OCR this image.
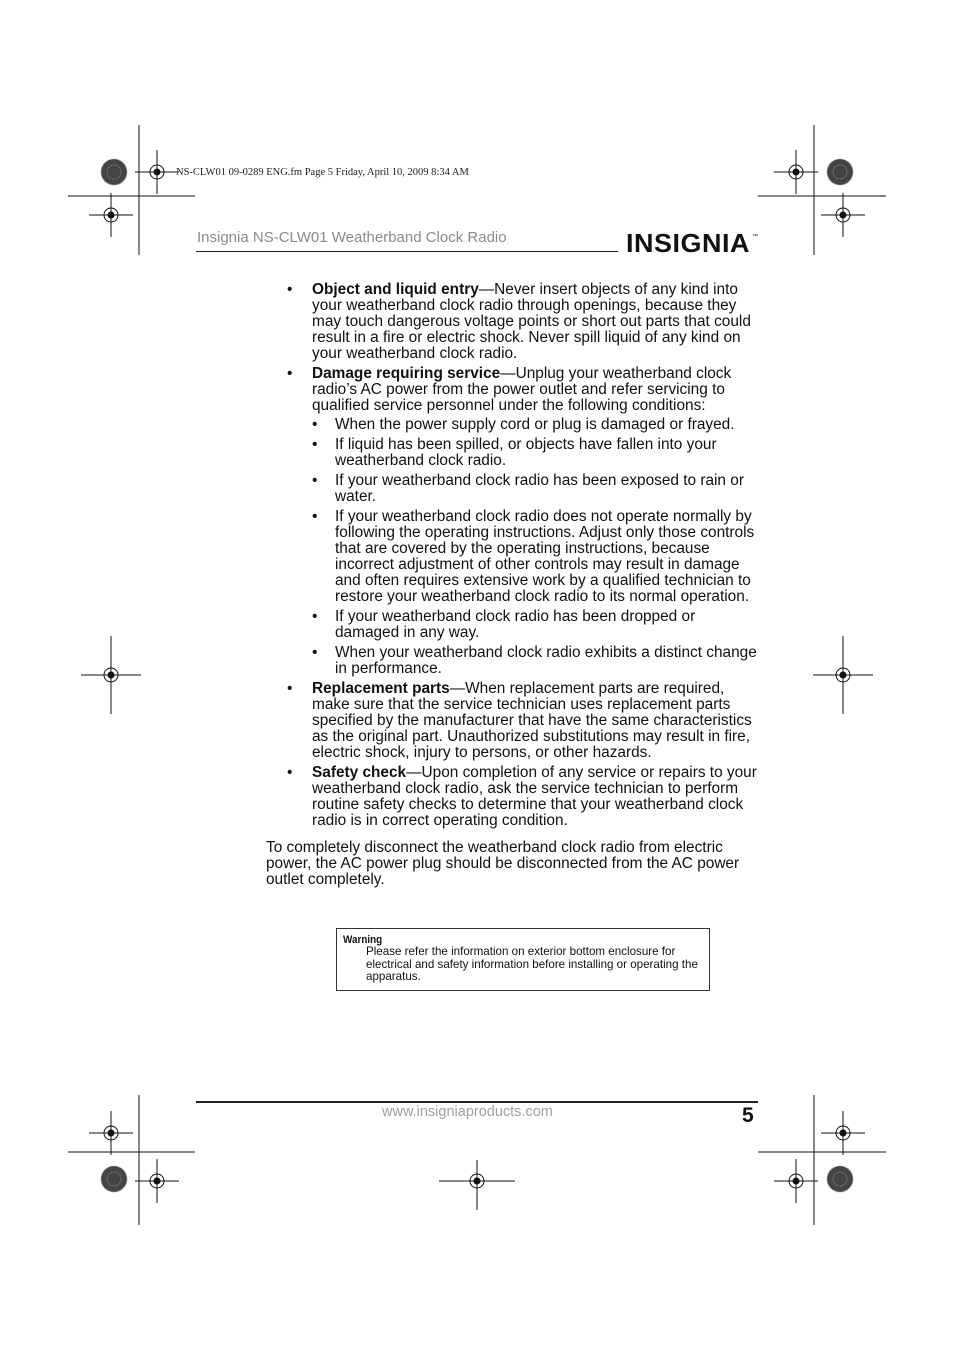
NS-CLW01 09-0289 ENG.fm Page 5 Friday, April 10, 2009 8:34 AM
Insignia NS-CLW01 Weatherband Clock Radio	INSIGNIA ™
• Object and liquid entry—Never insert objects of any kind into your weatherband clock radio through openings, because they may touch dangerous voltage points or short out parts that could result in a fire or electric shock. Never spill liquid of any kind on your weatherband clock radio.
• Damage requiring service—Unplug your weatherband clock radio’s AC power from the power outlet and refer servicing to qualified service personnel under the following conditions:
• When the power supply cord or plug is damaged or frayed.
• If liquid has been spilled, or objects have fallen into your weatherband clock radio.
• If your weatherband clock radio has been exposed to rain or water.
• If your weatherband clock radio does not operate normally by following the operating instructions. Adjust only those controls that are covered by the operating instructions, because incorrect adjustment of other controls may result in damage and often requires extensive work by a qualified technician to restore your weatherband clock radio to its normal operation.
• If your weatherband clock radio has been dropped or damaged in any way.
• When your weatherband clock radio exhibits a distinct change in performance.
• Replacement parts—When replacement parts are required, make sure that the service technician uses replacement parts specified by the manufacturer that have the same characteristics as the original part. Unauthorized substitutions may result in fire, electric shock, injury to persons, or other hazards.
• Safety check—Upon completion of any service or repairs to your weatherband clock radio, ask the service technician to perform routine safety checks to determine that your weatherband clock radio is in correct operating condition.

To completely disconnect the weatherband clock radio from electric power, the AC power plug should be disconnected from the AC power outlet completely.

Warning
Please refer the information on exterior bottom enclosure for electrical and safety information before installing or operating the apparatus.
www.insigniaproducts.com	5
